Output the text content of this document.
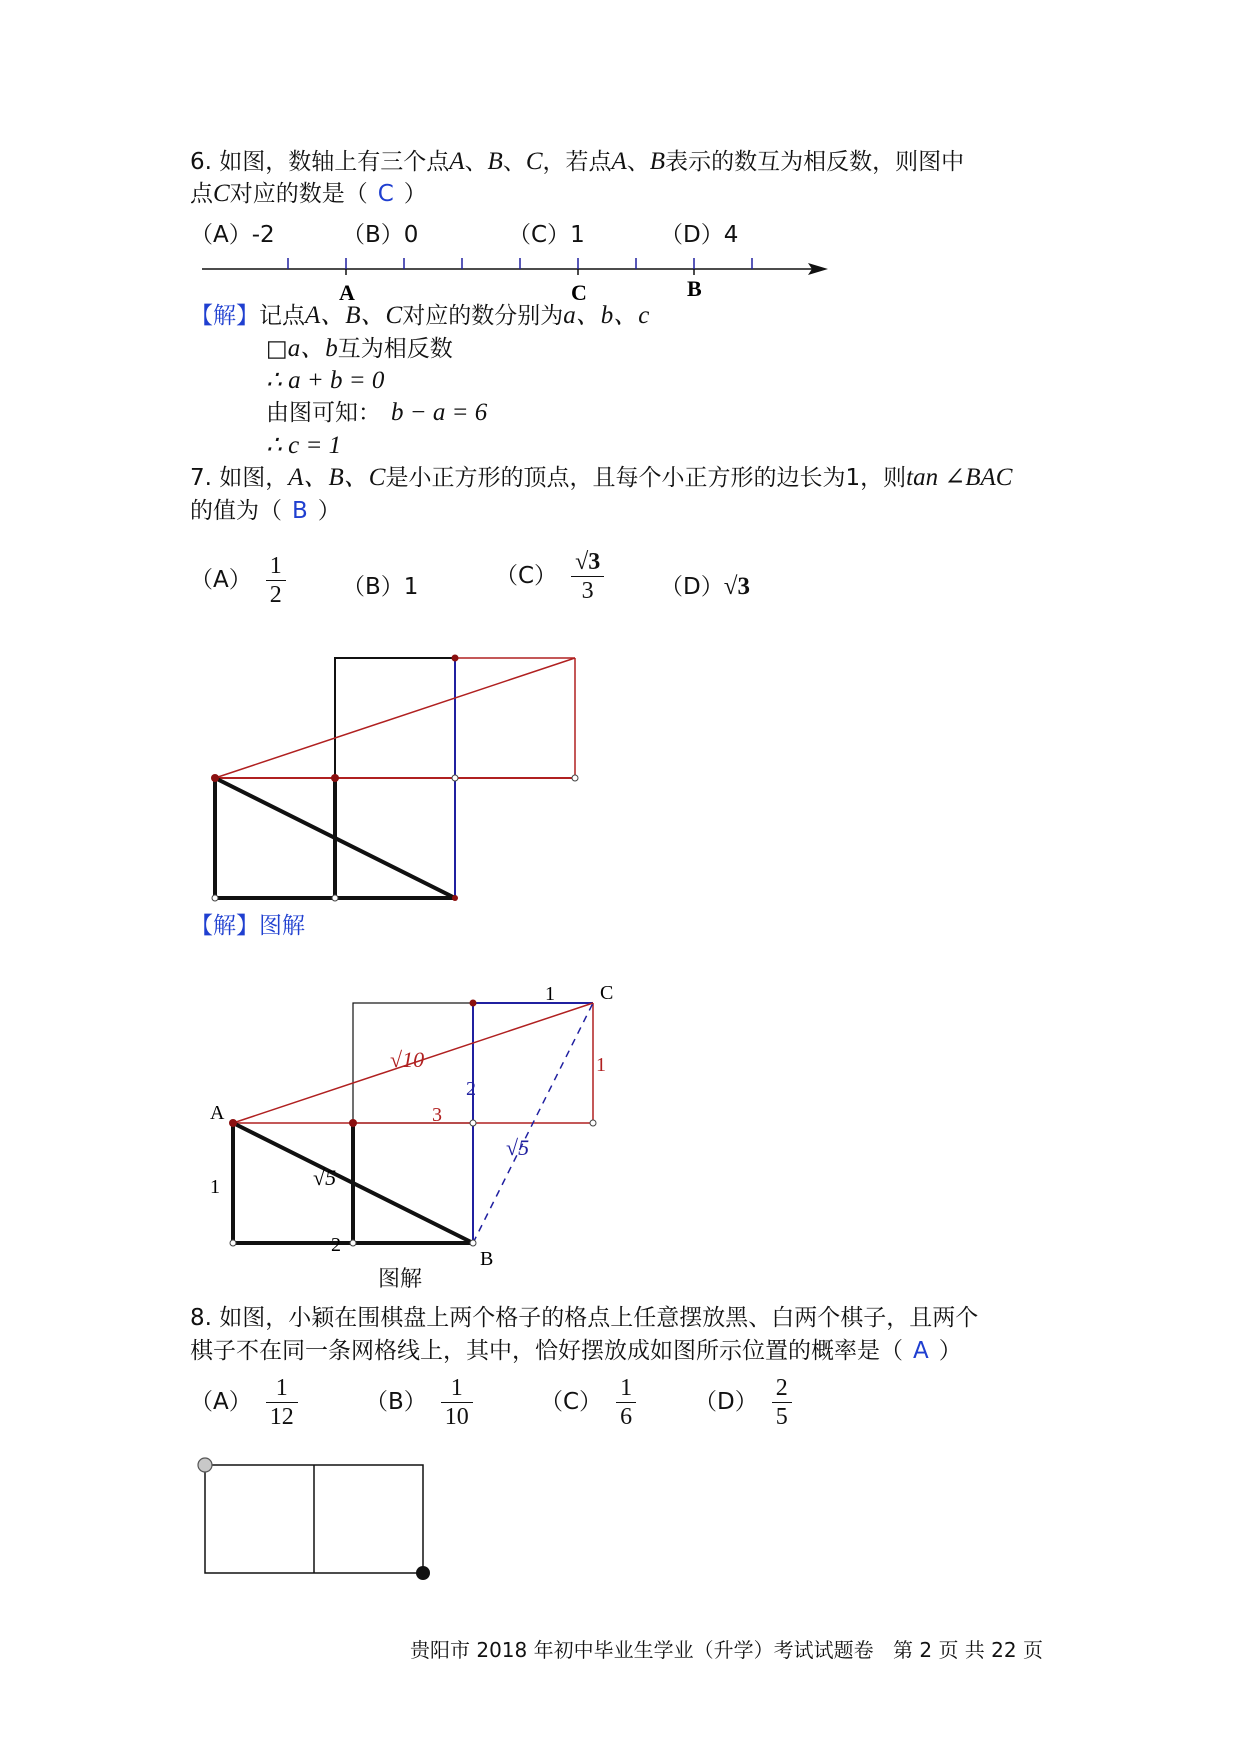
6. 如图，数轴上有三个点A、B、C，若点A、B表示的数互为相反数，则图中
点C对应的数是（ C ）
（A）-2	（B）0	（C）1	（D）4
A	C	B
【解】记点A、B、C对应的数分别为a、b、c
□a、b互为相反数
∴ a + b = 0
由图可知： b − a = 6
∴ c = 1
7. 如图，A、B、C是小正方形的顶点，且每个小正方形的边长为1，则tan ∠BAC
的值为（ B ）
$(A) \frac{1}{2} (B)1$	$(C) \frac{√3}{3} (D)√3$
【解】图解
A
C
B
√10
1
1
1
2
2
3
√5
√5
图解
8. 如图，小颖在围棋盘上两个格子的格点上任意摆放黑、白两个棋子，且两个
棋子不在同一条网格线上，其中，恰好摆放成如图所示位置的概率是（ A ）
$(A) \frac{1}{12}$	$(B) \frac{1}{10}$	$(C) \frac{1}{6}$	$(D) \frac{2}{5}$
贵阳市 2018 年初中毕业生学业（升学）考试试题卷 第 2 页 共 22 页
